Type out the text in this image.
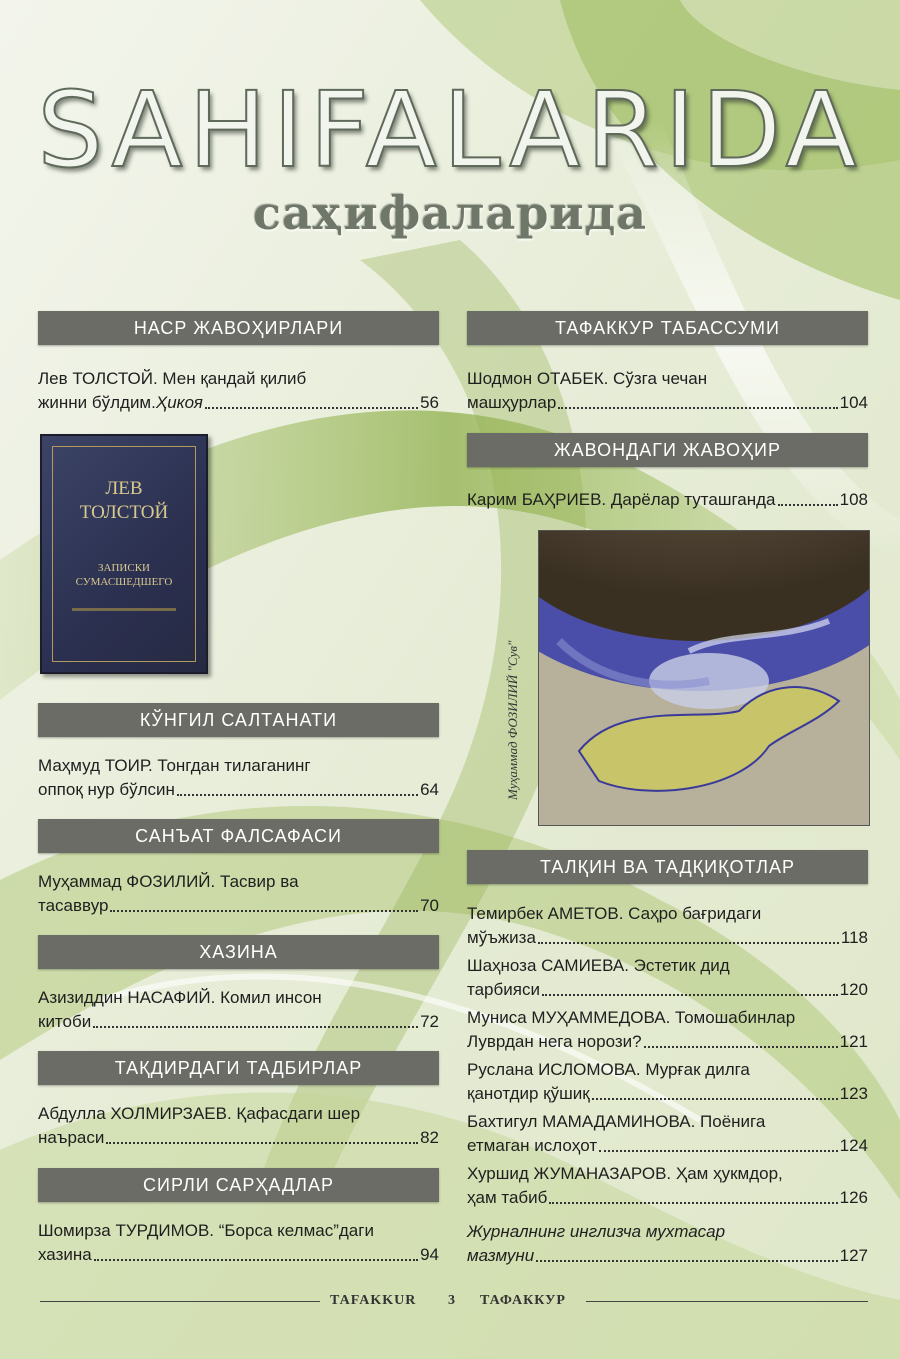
SAHIFALARIDA
саҳифаларида
НАСР ЖАВОҲИРЛАРИ
Лев ТОЛСТОЙ. Мен қандай қилиб
жинни бўлдим. Ҳикоя	56
ЛЕВ
ТОЛСТОЙ
ЗАПИСКИ
СУМАСШЕДШЕГО
КЎНГИЛ САЛТАНАТИ
Маҳмуд ТОИР. Тонгдан тилаганинг
оппоқ нур бўлсин	64
САНЪАТ ФАЛСАФАСИ
Муҳаммад ФОЗИЛИЙ. Тасвир ва
тасаввур	70
ХАЗИНА
Азизиддин НАСАФИЙ. Комил инсон
китоби	72
ТАҚДИРДАГИ ТАДБИРЛАР
Абдулла ХОЛМИРЗАЕВ. Қафасдаги шер
наъраси	82
СИРЛИ САРҲАДЛАР
Шомирза ТУРДИМОВ. “Борса келмас”даги
хазина	94
ТАФАККУР ТАБАССУМИ
Шодмон ОТАБЕК. Сўзга чечан
машҳурлар	104
ЖАВОНДАГИ ЖАВОҲИР
Карим БАҲРИЕВ. Дарёлар туташганда	108
Муҳаммад ФОЗИЛИЙ "Сув"
ТАЛҚИН ВА ТАДҚИҚОТЛАР
Темирбек АМЕТОВ. Саҳро бағридаги
мўъжиза	118
Шаҳноза САМИЕВА. Эстетик дид
тарбияси	120
Муниса МУҲАММЕДОВА. Томошабинлар
Луврдан нега норози?	121
Руслана ИСЛОМОВА. Мурғак дилга
қанотдир қўшиқ	123
Бахтигул МАМАДАМИНОВА. Поёнига
етмаган ислоҳот	124
Хуршид ЖУМАНАЗАРОВ. Ҳам ҳукмдор,
ҳам табиб	126
Журналнинг инглизча мухтасар
мазмуни	127
ТАFAKKUR 3 ТАФАККУР
